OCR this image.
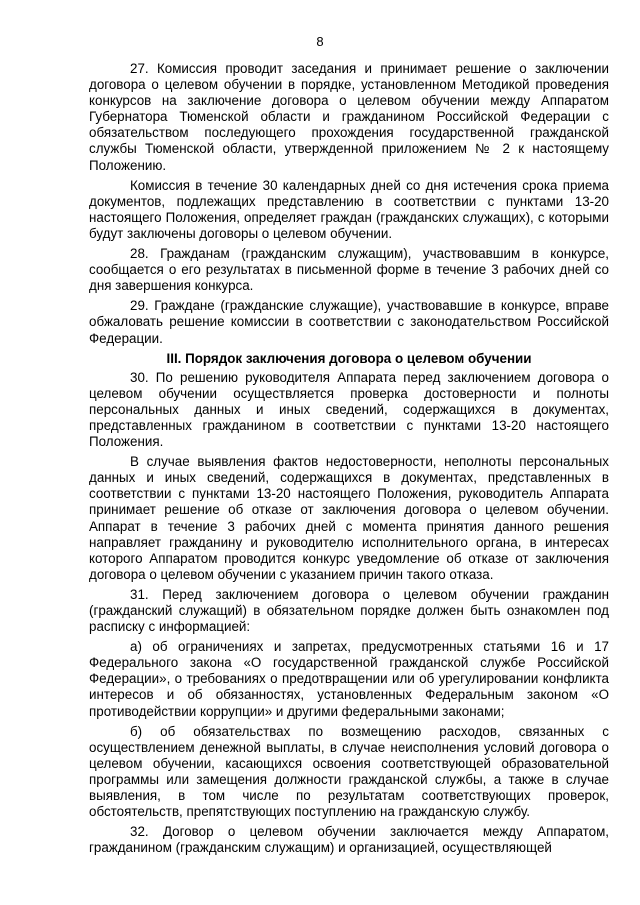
8

27. Комиссия проводит заседания и принимает решение о заключении договора о целевом обучении в порядке, установленном Методикой проведения конкурсов на заключение договора о целевом обучении между Аппаратом Губернатора Тюменской области и гражданином Российской Федерации с обязательством последующего прохождения государственной гражданской службы Тюменской области, утвержденной приложением № 2 к настоящему Положению.

Комиссия в течение 30 календарных дней со дня истечения срока приема документов, подлежащих представлению в соответствии с пунктами 13-20 настоящего Положения, определяет граждан (гражданских служащих), с которыми будут заключены договоры о целевом обучении.

28. Гражданам (гражданским служащим), участвовавшим в конкурсе, сообщается о его результатах в письменной форме в течение 3 рабочих дней со дня завершения конкурса.

29. Граждане (гражданские служащие), участвовавшие в конкурсе, вправе обжаловать решение комиссии в соответствии с законодательством Российской Федерации.

III. Порядок заключения договора о целевом обучении

30. По решению руководителя Аппарата перед заключением договора о целевом обучении осуществляется проверка достоверности и полноты персональных данных и иных сведений, содержащихся в документах, представленных гражданином в соответствии с пунктами 13-20 настоящего Положения.

В случае выявления фактов недостоверности, неполноты персональных данных и иных сведений, содержащихся в документах, представленных в соответствии с пунктами 13-20 настоящего Положения, руководитель Аппарата принимает решение об отказе от заключения договора о целевом обучении. Аппарат в течение 3 рабочих дней с момента принятия данного решения направляет гражданину и руководителю исполнительного органа, в интересах которого Аппаратом проводится конкурс уведомление об отказе от заключения договора о целевом обучении с указанием причин такого отказа.

31. Перед заключением договора о целевом обучении гражданин (гражданский служащий) в обязательном порядке должен быть ознакомлен под расписку с информацией:

а) об ограничениях и запретах, предусмотренных статьями 16 и 17 Федерального закона «О государственной гражданской службе Российской Федерации», о требованиях о предотвращении или об урегулировании конфликта интересов и об обязанностях, установленных Федеральным законом «О противодействии коррупции» и другими федеральными законами;

б) об обязательствах по возмещению расходов, связанных с осуществлением денежной выплаты, в случае неисполнения условий договора о целевом обучении, касающихся освоения соответствующей образовательной программы или замещения должности гражданской службы, а также в случае выявления, в том числе по результатам соответствующих проверок, обстоятельств, препятствующих поступлению на гражданскую службу.

32. Договор о целевом обучении заключается между Аппаратом, гражданином (гражданским служащим) и организацией, осуществляющей
